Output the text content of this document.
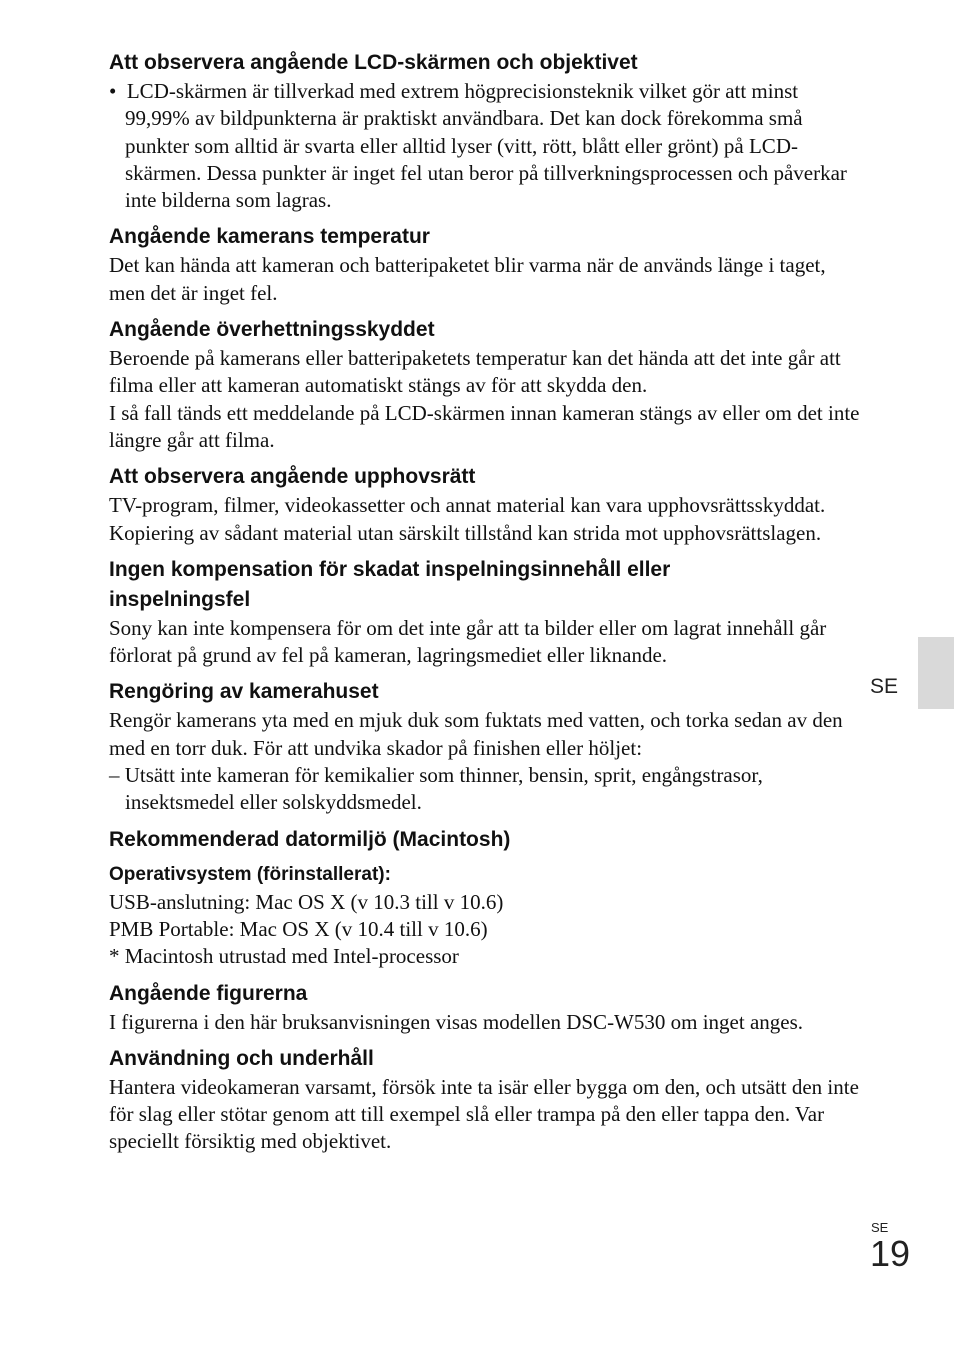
Att observera angående LCD-skärmen och objektivet

• LCD-skärmen är tillverkad med extrem högprecisionsteknik vilket gör att minst 99,99% av bildpunkterna är praktiskt användbara. Det kan dock förekomma små punkter som alltid är svarta eller alltid lyser (vitt, rött, blått eller grönt) på LCD-skärmen. Dessa punkter är inget fel utan beror på tillverkningsprocessen och påverkar inte bilderna som lagras.

Angående kamerans temperatur

Det kan hända att kameran och batteripaketet blir varma när de används länge i taget, men det är inget fel.

Angående överhettningsskyddet

Beroende på kamerans eller batteripaketets temperatur kan det hända att det inte går att filma eller att kameran automatiskt stängs av för att skydda den.

I så fall tänds ett meddelande på LCD-skärmen innan kameran stängs av eller om det inte längre går att filma.

Att observera angående upphovsrätt

TV-program, filmer, videokassetter och annat material kan vara upphovsrättsskyddat. Kopiering av sådant material utan särskilt tillstånd kan strida mot upphovsrättslagen.

Ingen kompensation för skadat inspelningsinnehåll eller inspelningsfel

Sony kan inte kompensera för om det inte går att ta bilder eller om lagrat innehåll går förlorat på grund av fel på kameran, lagringsmediet eller liknande.

Rengöring av kamerahuset

Rengör kamerans yta med en mjuk duk som fuktats med vatten, och torka sedan av den med en torr duk. För att undvika skador på finishen eller höljet:

– Utsätt inte kameran för kemikalier som thinner, bensin, sprit, engångstrasor, insektsmedel eller solskyddsmedel.

Rekommenderad datormiljö (Macintosh)
Operativsystem (förinstallerat):

USB-anslutning: Mac OS X (v 10.3 till v 10.6)

PMB Portable: Mac OS X (v 10.4 till v 10.6)

* Macintosh utrustad med Intel-processor

Angående figurerna

I figurerna i den här bruksanvisningen visas modellen DSC-W530 om inget anges.

Användning och underhåll

Hantera videokameran varsamt, försök inte ta isär eller bygga om den, och utsätt den inte för slag eller stötar genom att till exempel slå eller trampa på den eller tappa den. Var speciellt försiktig med objektivet.

SE
SE
19
